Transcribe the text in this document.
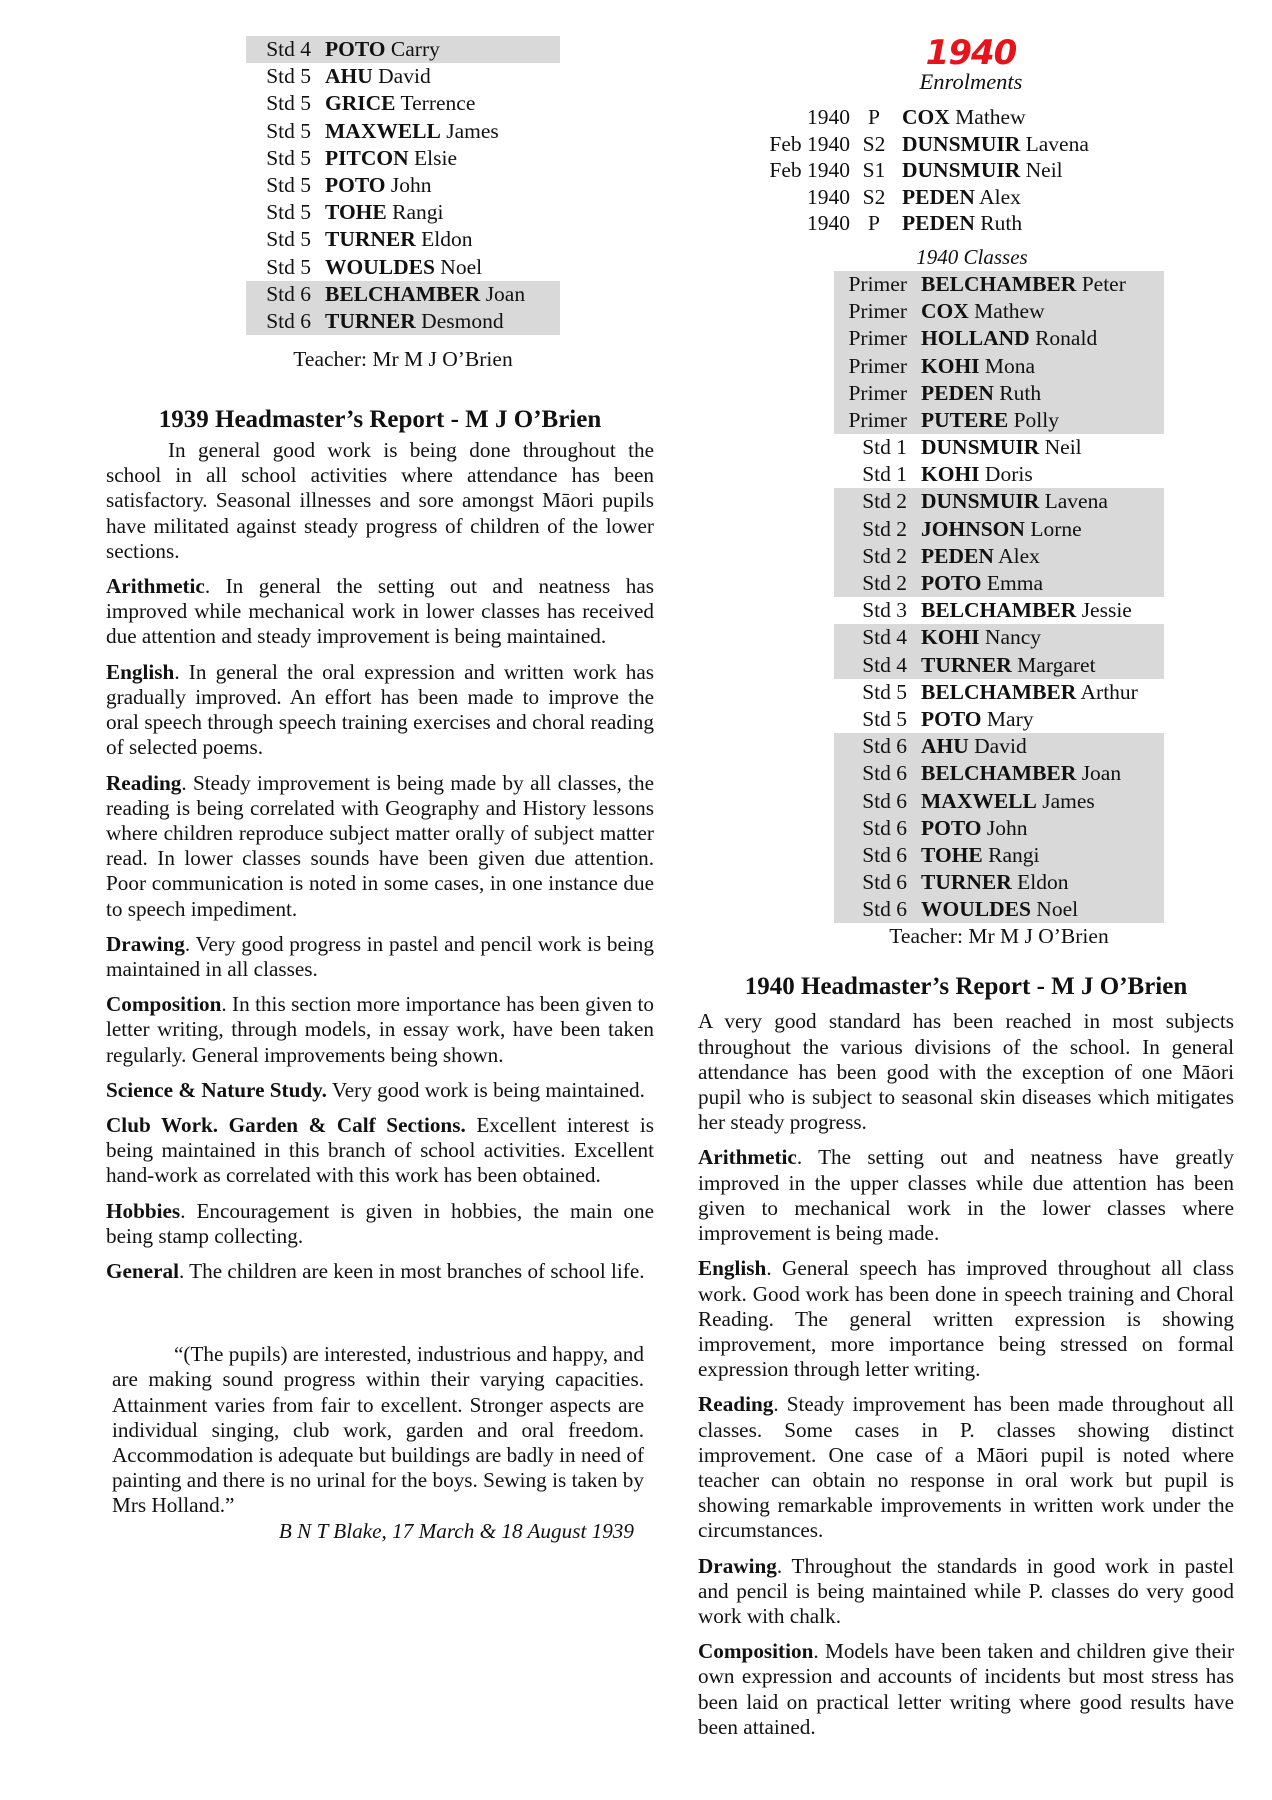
Std 4 POTO Carry
Std 5 AHU David
Std 5 GRICE Terrence
Std 5 MAXWELL James
Std 5 PITCON Elsie
Std 5 POTO John
Std 5 TOHE Rangi
Std 5 TURNER Eldon
Std 5 WOULDES Noel
Std 6 BELCHAMBER Joan
Std 6 TURNER Desmond
Teacher: Mr M J O’Brien
1939 Headmaster’s Report - M J O’Brien

In general good work is being done throughout the school in all school activities where attendance has been satisfactory. Seasonal illnesses and sore amongst Māori pupils have militated against steady progress of children of the lower sections.

Arithmetic. In general the setting out and neatness has improved while mechanical work in lower classes has received due attention and steady improvement is being maintained.

English. In general the oral expression and written work has gradually improved. An effort has been made to improve the oral speech through speech training exercises and choral reading of selected poems.

Reading. Steady improvement is being made by all classes, the reading is being correlated with Geography and History lessons where children reproduce subject matter orally of subject matter read. In lower classes sounds have been given due attention. Poor communication is noted in some cases, in one instance due to speech impediment.

Drawing. Very good progress in pastel and pencil work is being maintained in all classes.

Composition. In this section more importance has been given to letter writing, through models, in essay work, have been taken regularly. General improvements being shown.

Science & Nature Study. Very good work is being maintained.

Club Work. Garden & Calf Sections. Excellent interest is being maintained in this branch of school activities. Excellent hand-work as correlated with this work has been obtained.

Hobbies. Encouragement is given in hobbies, the main one being stamp collecting.

General. The children are keen in most branches of school life.

“(The pupils) are interested, industrious and happy, and are making sound progress within their varying capacities. Attainment varies from fair to excellent. Stronger aspects are individual singing, club work, garden and oral freedom. Accommodation is adequate but buildings are badly in need of painting and there is no urinal for the boys. Sewing is taken by Mrs Holland.”

B N T Blake, 17 March & 18 August 1939
1940
Enrolments
1940 P	COX Mathew
Feb 1940 S2 DUNSMUIR Lavena
Feb 1940 S1 DUNSMUIR Neil
1940 S2 PEDEN Alex
1940 P	PEDEN Ruth
1940 Classes
Primer BELCHAMBER Peter
Primer COX Mathew
Primer HOLLAND Ronald
Primer KOHI Mona
Primer PEDEN Ruth
Primer PUTERE Polly
Std 1 DUNSMUIR Neil
Std 1 KOHI Doris
Std 2 DUNSMUIR Lavena
Std 2 JOHNSON Lorne
Std 2 PEDEN Alex
Std 2 POTO Emma
Std 3 BELCHAMBER Jessie
Std 4 KOHI Nancy
Std 4 TURNER Margaret
Std 5 BELCHAMBER Arthur
Std 5 POTO Mary
Std 6 AHU David
Std 6 BELCHAMBER Joan
Std 6 MAXWELL James
Std 6 POTO John
Std 6 TOHE Rangi
Std 6 TURNER Eldon
Std 6 WOULDES Noel
Teacher: Mr M J O’Brien
1940 Headmaster’s Report - M J O’Brien

A very good standard has been reached in most subjects throughout the various divisions of the school. In general attendance has been good with the exception of one Māori pupil who is subject to seasonal skin diseases which mitigates her steady progress.

Arithmetic. The setting out and neatness have greatly improved in the upper classes while due attention has been given to mechanical work in the lower classes where improvement is being made.

English. General speech has improved throughout all class work. Good work has been done in speech training and Choral Reading. The general written expression is showing improvement, more importance being stressed on formal expression through letter writing.

Reading. Steady improvement has been made throughout all classes. Some cases in P. classes showing distinct improvement. One case of a Māori pupil is noted where teacher can obtain no response in oral work but pupil is showing remarkable improvements in written work under the circumstances.

Drawing. Throughout the standards in good work in pastel and pencil is being maintained while P. classes do very good work with chalk.

Composition. Models have been taken and children give their own expression and accounts of incidents but most stress has been laid on practical letter writing where good results have been attained.
